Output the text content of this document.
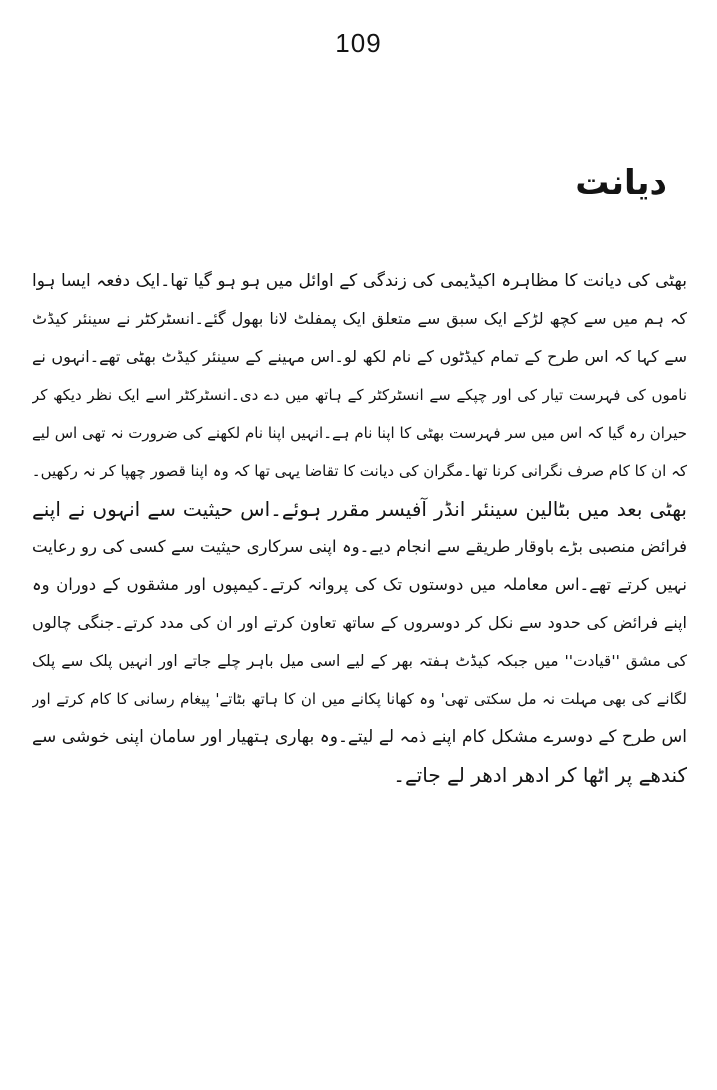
109
دیانت
بھٹی کی دیانت کا مظاہرہ اکیڈیمی کی زندگی کے اوائل میں ہو ہو گیا تھا۔ایک دفعہ ایسا ہوا
کہ ہم میں سے کچھ لڑکے ایک سبق سے متعلق ایک پمفلٹ لانا بھول گئے۔انسٹرکٹر نے سینئر کیڈٹ
سے کہا کہ اس طرح کے تمام کیڈٹوں کے نام لکھ لو۔اس مہینے کے سینئر کیڈٹ بھٹی تھے۔انہوں نے
ناموں کی فہرست تیار کی اور چپکے سے انسٹرکٹر کے ہاتھ میں دے دی۔انسٹرکٹر اسے ایک نظر دیکھ کر
حیران رہ گیا کہ اس میں سر فہرست بھٹی کا اپنا نام ہے۔انہیں اپنا نام لکھنے کی ضرورت نہ تھی اس لیے
کہ ان کا کام صرف نگرانی کرنا تھا۔مگران کی دیانت کا تقاضا یہی تھا کہ وہ اپنا قصور چھپا کر نہ رکھیں۔
بھٹی بعد میں بٹالین سینئر انڈر آفیسر مقرر ہوئے۔اس حیثیت سے انہوں نے اپنے
فرائض منصبی بڑے باوقار طریقے سے انجام دیے۔وہ اپنی سرکاری حیثیت سے کسی کی رو رعایت
نہیں کرتے تھے۔اس معاملہ میں دوستوں تک کی پروانہ کرتے۔کیمپوں اور مشقوں کے دوران وہ
اپنے فرائض کی حدود سے نکل کر دوسروں کے ساتھ تعاون کرتے اور ان کی مدد کرتے۔جنگی چالوں
کی مشق ''قیادت'' میں جبکہ کیڈٹ ہفتہ بھر کے لیے اسی میل باہر چلے جاتے اور انہیں پلک سے پلک
لگانے کی بھی مہلت نہ مل سکتی تھی' وہ کھانا پکانے میں ان کا ہاتھ بٹاتے' پیغام رسانی کا کام کرتے اور
اس طرح کے دوسرے مشکل کام اپنے ذمہ لے لیتے۔وہ بھاری ہتھیار اور سامان اپنی خوشی سے
کندھے پر اٹھا کر ادھر ادھر لے جاتے۔
